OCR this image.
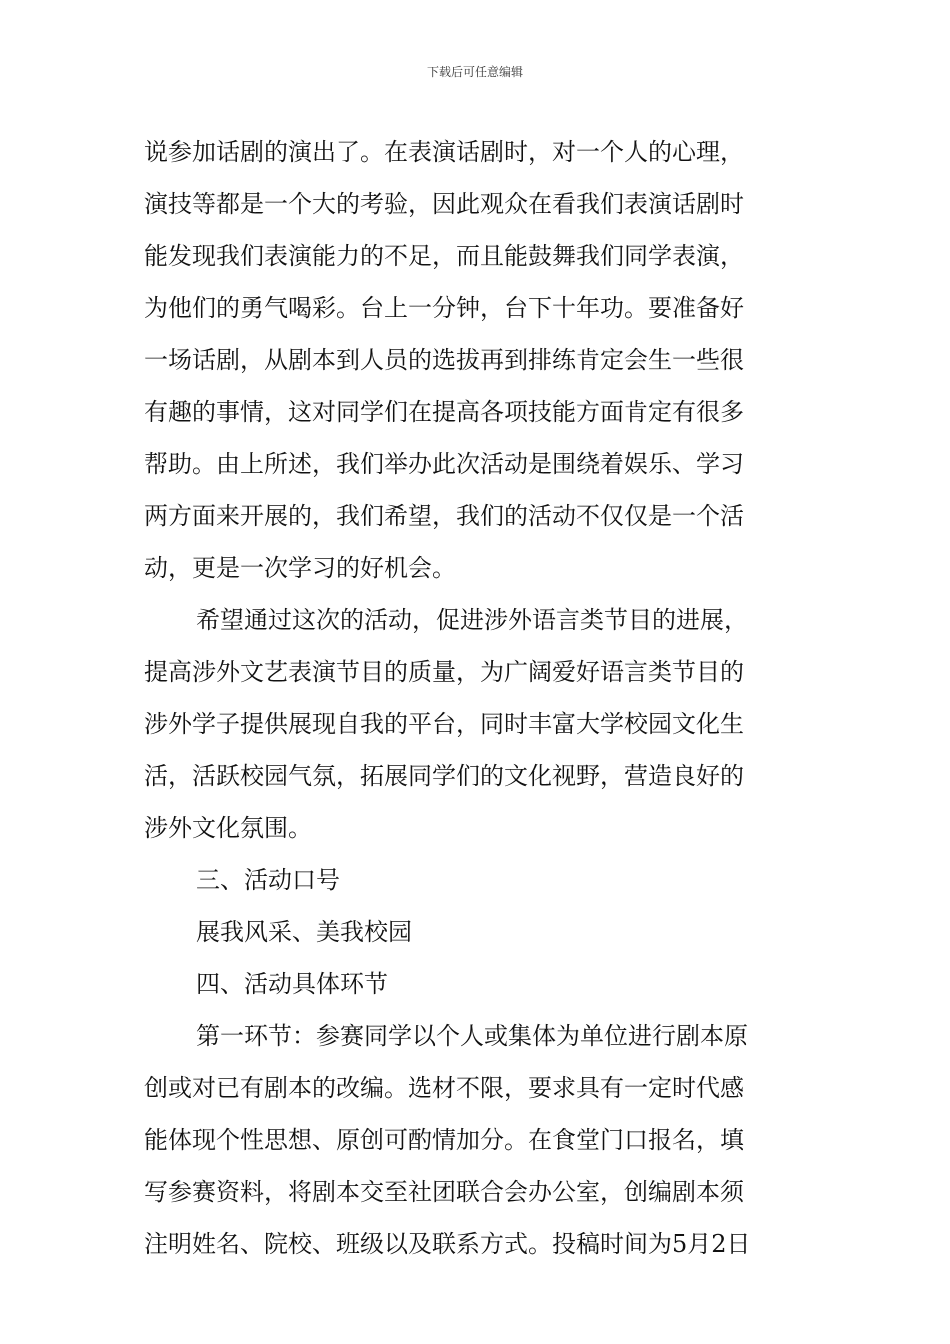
下载后可任意编辑
说参加话剧的演出了。在表演话剧时，对一个人的心理，
演技等都是一个大的考验，因此观众在看我们表演话剧时
能发现我们表演能力的不足，而且能鼓舞我们同学表演，
为他们的勇气喝彩。台上一分钟，台下十年功。要准备好
一场话剧，从剧本到人员的选拔再到排练肯定会生一些很
有趣的事情，这对同学们在提高各项技能方面肯定有很多
帮助。由上所述，我们举办此次活动是围绕着娱乐、学习
两方面来开展的，我们希望，我们的活动不仅仅是一个活
动，更是一次学习的好机会。
希望通过这次的活动，促进涉外语言类节目的进展，
提高涉外文艺表演节目的质量，为广阔爱好语言类节目的
涉外学子提供展现自我的平台，同时丰富大学校园文化生
活，活跃校园气氛，拓展同学们的文化视野，营造良好的
涉外文化氛围。
三、活动口号
展我风采、美我校园
四、活动具体环节
第一环节：参赛同学以个人或集体为单位进行剧本原
创或对已有剧本的改编。选材不限，要求具有一定时代感
能体现个性思想、原创可酌情加分。在食堂门口报名，填
写参赛资料，将剧本交至社团联合会办公室，创编剧本须
注明姓名、院校、班级以及联系方式。投稿时间为5月2日
